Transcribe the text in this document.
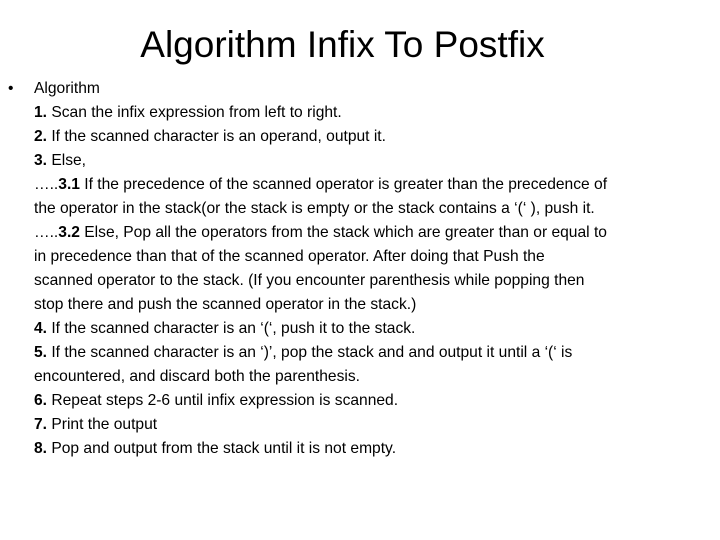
Algorithm Infix To Postfix
•	Algorithm
1. Scan the infix expression from left to right.
2. If the scanned character is an operand, output it.
3. Else,
…..3.1 If the precedence of the scanned operator is greater than the precedence of
the operator in the stack(or the stack is empty or the stack contains a ‘(‘ ), push it.
…..3.2 Else, Pop all the operators from the stack which are greater than or equal to
in precedence than that of the scanned operator. After doing that Push the
scanned operator to the stack. (If you encounter parenthesis while popping then
stop there and push the scanned operator in the stack.)
4. If the scanned character is an ‘(‘, push it to the stack.
5. If the scanned character is an ‘)’, pop the stack and and output it until a ‘(‘ is
encountered, and discard both the parenthesis.
6. Repeat steps 2-6 until infix expression is scanned.
7. Print the output
8. Pop and output from the stack until it is not empty.
